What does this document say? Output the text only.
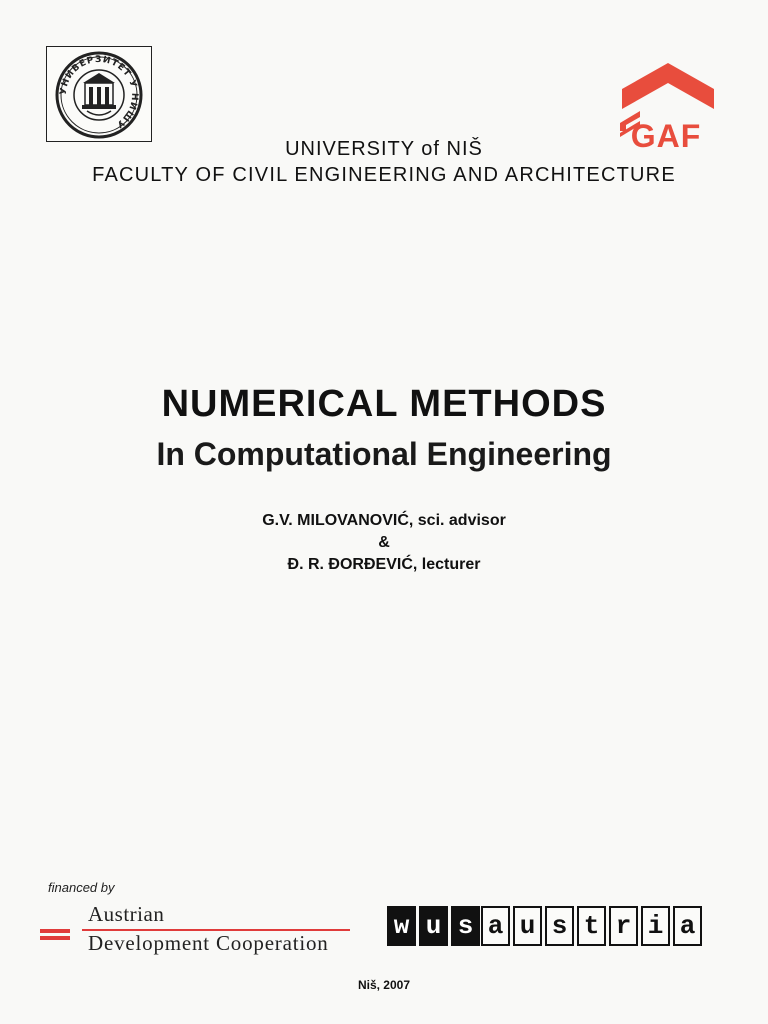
УНИВЕРЗИТЕТ У НИШУ	GAF
UNIVERSITY of NIŠ
FACULTY OF CIVIL ENGINEERING AND ARCHITECTURE
NUMERICAL METHODS
In Computational Engineering
G.V. MILOVANOVIĆ, sci. advisor
&
Đ. R. ĐORĐEVIĆ, lecturer
financed by
Austrian
Development Cooperation
w u s a u s t r i a
Niš, 2007
